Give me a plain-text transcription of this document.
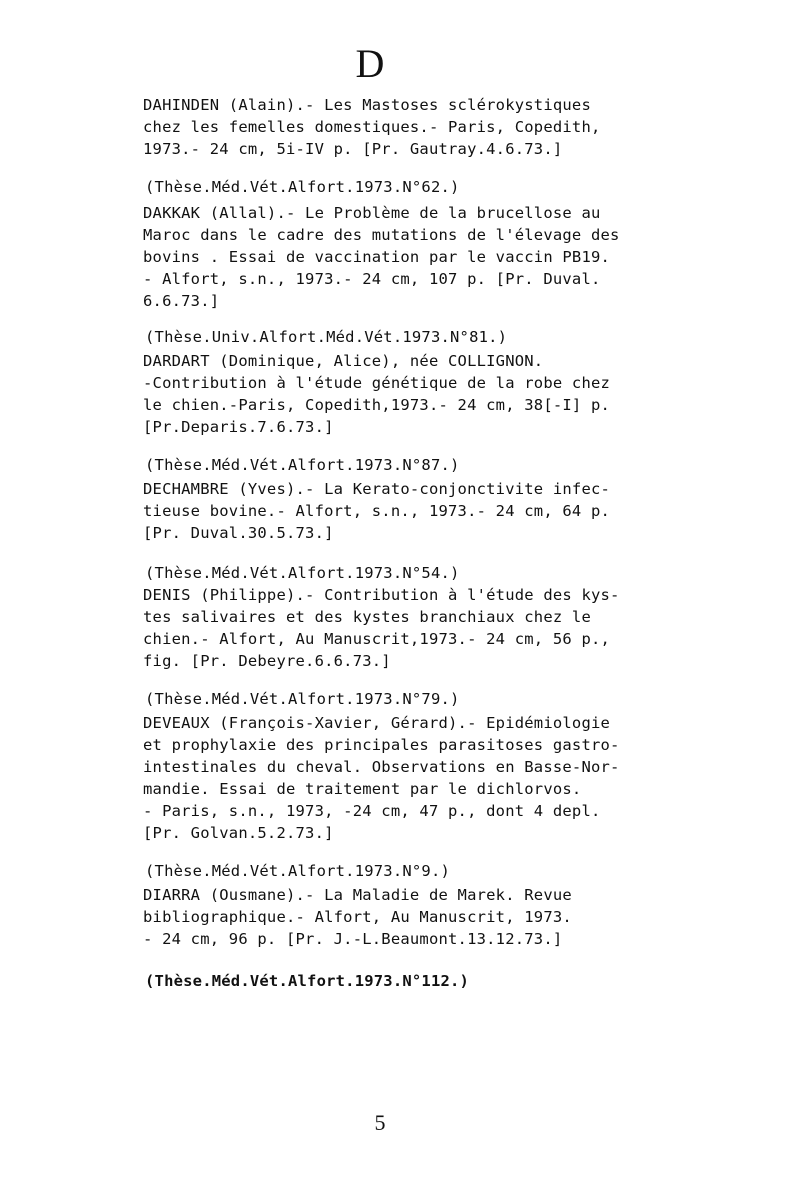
D
DAHINDEN (Alain).- Les Mastoses sclérokystiques
chez les femelles domestiques.- Paris, Copedith,
1973.- 24 cm, 5i-IV p. [Pr. Gautray.4.6.73.]
(Thèse.Méd.Vét.Alfort.1973.N°62.)
DAKKAK (Allal).- Le Problème de la brucellose au
Maroc dans le cadre des mutations de l'élevage des
bovins . Essai de vaccination par le vaccin PB19.
- Alfort, s.n., 1973.- 24 cm, 107 p. [Pr. Duval.
6.6.73.]
(Thèse.Univ.Alfort.Méd.Vét.1973.N°81.)
DARDART (Dominique, Alice), née COLLIGNON.
-Contribution à l'étude génétique de la robe chez
le chien.-Paris, Copedith,1973.- 24 cm, 38[-I] p.
[Pr.Deparis.7.6.73.]
(Thèse.Méd.Vét.Alfort.1973.N°87.)
DECHAMBRE (Yves).- La Kerato-conjonctivite infec-
tieuse bovine.- Alfort, s.n., 1973.- 24 cm, 64 p.
[Pr. Duval.30.5.73.]
(Thèse.Méd.Vét.Alfort.1973.N°54.)
DENIS (Philippe).- Contribution à l'étude des kys-
tes salivaires et des kystes branchiaux chez le
chien.- Alfort, Au Manuscrit,1973.- 24 cm, 56 p.,
fig. [Pr. Debeyre.6.6.73.]
(Thèse.Méd.Vét.Alfort.1973.N°79.)
DEVEAUX (François-Xavier, Gérard).- Epidémiologie
et prophylaxie des principales parasitoses gastro-
intestinales du cheval. Observations en Basse-Nor-
mandie. Essai de traitement par le dichlorvos.
- Paris, s.n., 1973, -24 cm, 47 p., dont 4 depl.
[Pr. Golvan.5.2.73.]
(Thèse.Méd.Vét.Alfort.1973.N°9.)
DIARRA (Ousmane).- La Maladie de Marek. Revue
bibliographique.- Alfort, Au Manuscrit, 1973.
- 24 cm, 96 p. [Pr. J.-L.Beaumont.13.12.73.]
(Thèse.Méd.Vét.Alfort.1973.N°112.)
5
